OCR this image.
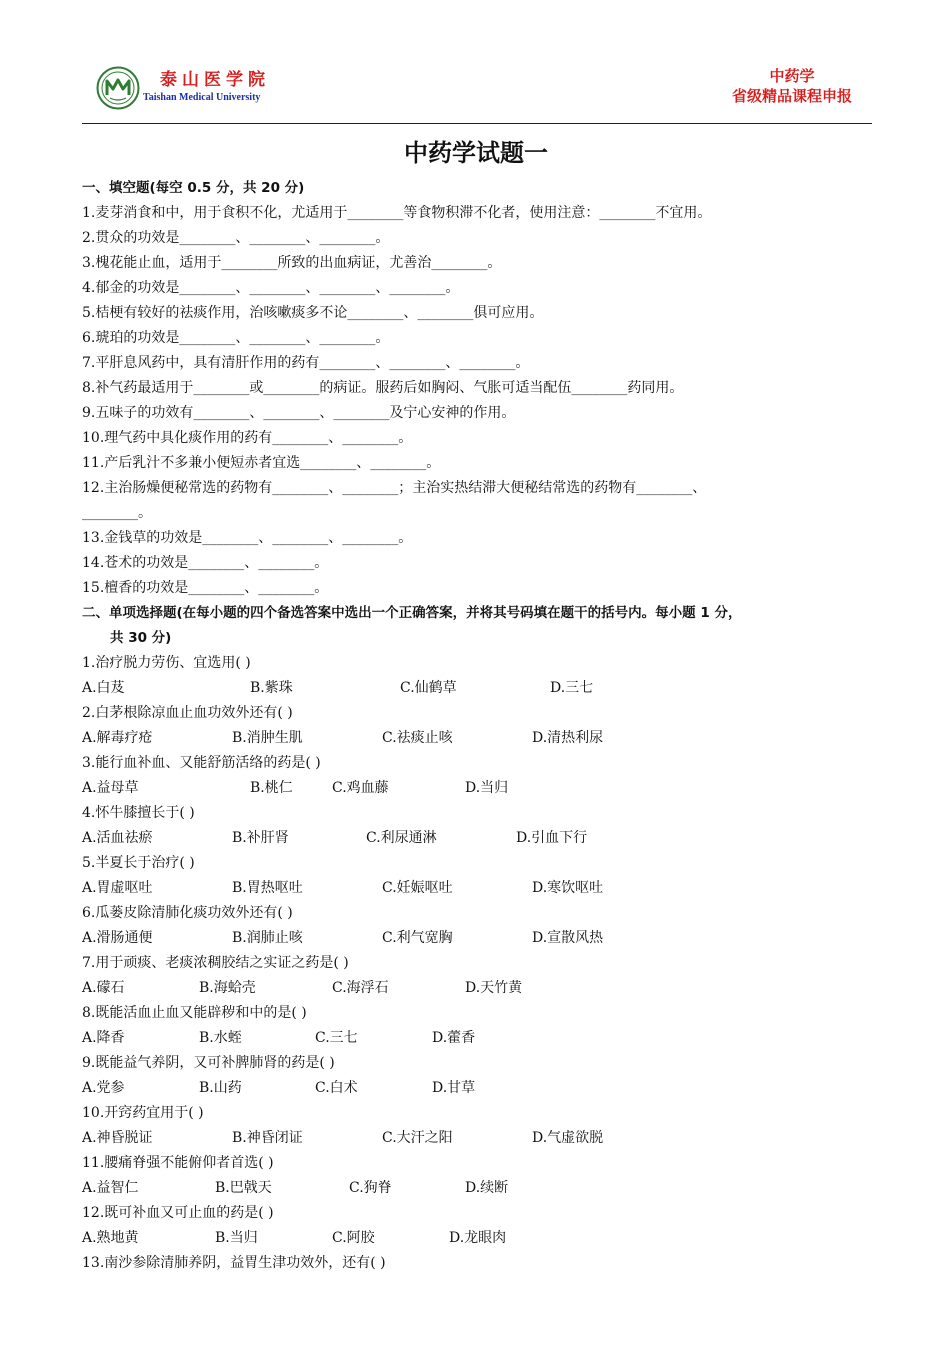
泰山医学院
Taishan Medical University
中药学
省级精品课程申报
中药学试题一
一、填空题(每空 0.5 分，共 20 分)
1.麦芽消食和中，用于食积不化，尤适用于________等食物积滞不化者，使用注意：________不宜用。
2.贯众的功效是________、________、________。
3.槐花能止血，适用于________所致的出血病证，尤善治________。
4.郁金的功效是________、________、________、________。
5.桔梗有较好的祛痰作用，治咳嗽痰多不论________、________俱可应用。
6.琥珀的功效是________、________、________。
7.平肝息风药中，具有清肝作用的药有________、________、________。
8.补气药最适用于________或________的病证。服药后如胸闷、气胀可适当配伍________药同用。
9.五味子的功效有________、________、________及宁心安神的作用。
10.理气药中具化痰作用的药有________、________。
11.产后乳汁不多兼小便短赤者宜选________、________。
12.主治肠燥便秘常选的药物有________、________；主治实热结滞大便秘结常选的药物有________、
________。
13.金钱草的功效是________、________、________。
14.苍术的功效是________、________。
15.檀香的功效是________、________。
二、单项选择题(在每小题的四个备选答案中选出一个正确答案，并将其号码填在题干的括号内。每小题 1 分，
共 30 分)
1.治疗脱力劳伤、宜选用( )
A.白芨	B.紫珠	C.仙鹤草	D.三七
2.白茅根除凉血止血功效外还有( )
A.解毒疗疮	B.消肿生肌	C.祛痰止咳	D.清热利尿
3.能行血补血、又能舒筋活络的药是( )
A.益母草	B.桃仁	C.鸡血藤	D.当归
4.怀牛膝擅长于( )
A.活血祛瘀	B.补肝肾	C.利尿通淋	D.引血下行
5.半夏长于治疗( )
A.胃虚呕吐	B.胃热呕吐	C.妊娠呕吐	D.寒饮呕吐
6.瓜蒌皮除清肺化痰功效外还有( )
A.滑肠通便	B.润肺止咳	C.利气宽胸	D.宣散风热
7.用于顽痰、老痰浓稠胶结之实证之药是( )
A.礞石	B.海蛤壳	C.海浮石	D.天竹黄
8.既能活血止血又能辟秽和中的是( )
A.降香	B.水蛭	C.三七	D.藿香
9.既能益气养阴，又可补脾肺肾的药是( )
A.党参	B.山药	C.白术	D.甘草
10.开窍药宜用于( )
A.神昏脱证	B.神昏闭证	C.大汗之阳	D.气虚欲脱
11.腰痛脊强不能俯仰者首选( )
A.益智仁	B.巴戟天	C.狗脊	D.续断
12.既可补血又可止血的药是( )
A.熟地黄	B.当归	C.阿胶	D.龙眼肉
13.南沙参除清肺养阴，益胃生津功效外，还有( )
